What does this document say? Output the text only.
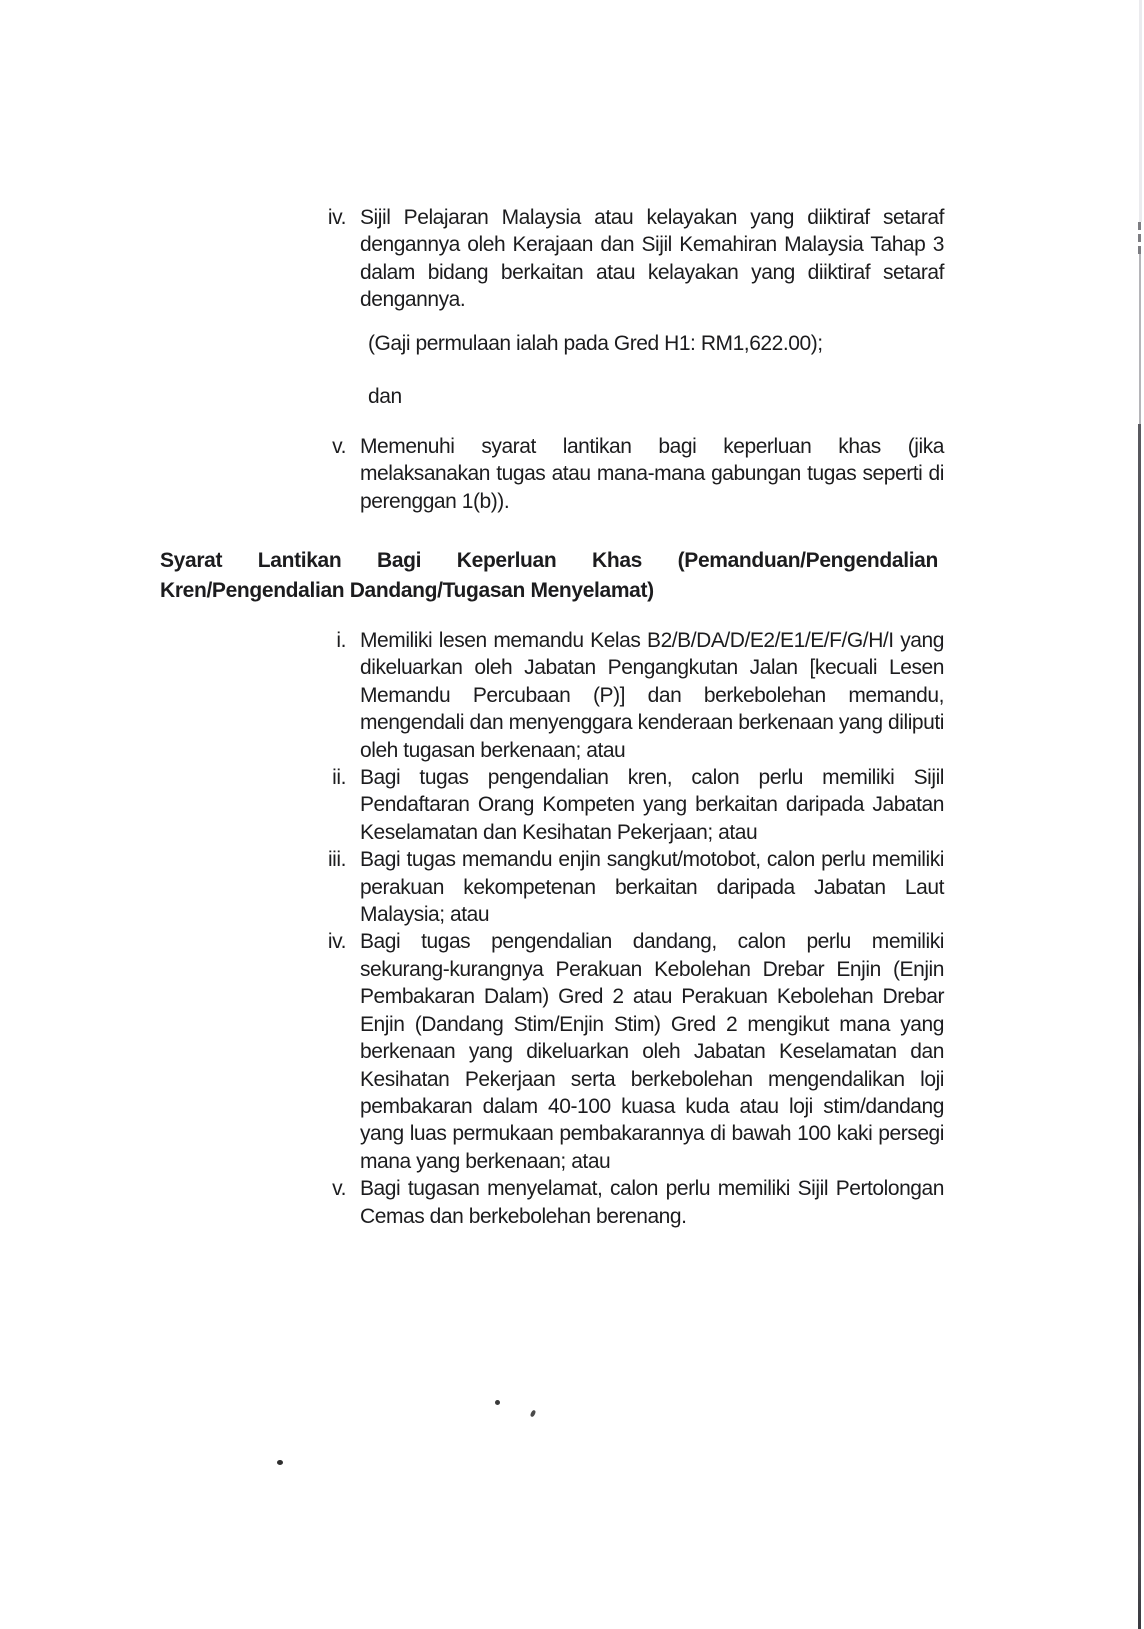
iv. Sijil Pelajaran Malaysia atau kelayakan yang diiktiraf setaraf dengannya oleh Kerajaan dan Sijil Kemahiran Malaysia Tahap 3 dalam bidang berkaitan atau kelayakan yang diiktiraf setaraf dengannya.
(Gaji permulaan ialah pada Gred H1: RM1,622.00);
dan
v. Memenuhi syarat lantikan bagi keperluan khas (jika melaksanakan tugas atau mana-mana gabungan tugas seperti di perenggan 1(b)).
Syarat Lantikan Bagi Keperluan Khas (Pemanduan/Pengendalian
Kren/Pengendalian Dandang/Tugasan Menyelamat)
i. Memiliki lesen memandu Kelas B2/B/DA/D/E2/E1/E/F/G/H/I yang dikeluarkan oleh Jabatan Pengangkutan Jalan [kecuali Lesen Memandu Percubaan (P)] dan berkebolehan memandu, mengendali dan menyenggara kenderaan berkenaan yang diliputi oleh tugasan berkenaan; atau
ii. Bagi tugas pengendalian kren, calon perlu memiliki Sijil Pendaftaran Orang Kompeten yang berkaitan daripada Jabatan Keselamatan dan Kesihatan Pekerjaan; atau
iii. Bagi tugas memandu enjin sangkut/motobot, calon perlu memiliki perakuan kekompetenan berkaitan daripada Jabatan Laut Malaysia; atau
iv. Bagi tugas pengendalian dandang, calon perlu memiliki sekurang-kurangnya Perakuan Kebolehan Drebar Enjin (Enjin Pembakaran Dalam) Gred 2 atau Perakuan Kebolehan Drebar Enjin (Dandang Stim/Enjin Stim) Gred 2 mengikut mana yang berkenaan yang dikeluarkan oleh Jabatan Keselamatan dan Kesihatan Pekerjaan serta berkebolehan mengendalikan loji pembakaran dalam 40-100 kuasa kuda atau loji stim/dandang yang luas permukaan pembakarannya di bawah 100 kaki persegi mana yang berkenaan; atau
v. Bagi tugasan menyelamat, calon perlu memiliki Sijil Pertolongan Cemas dan berkebolehan berenang.
